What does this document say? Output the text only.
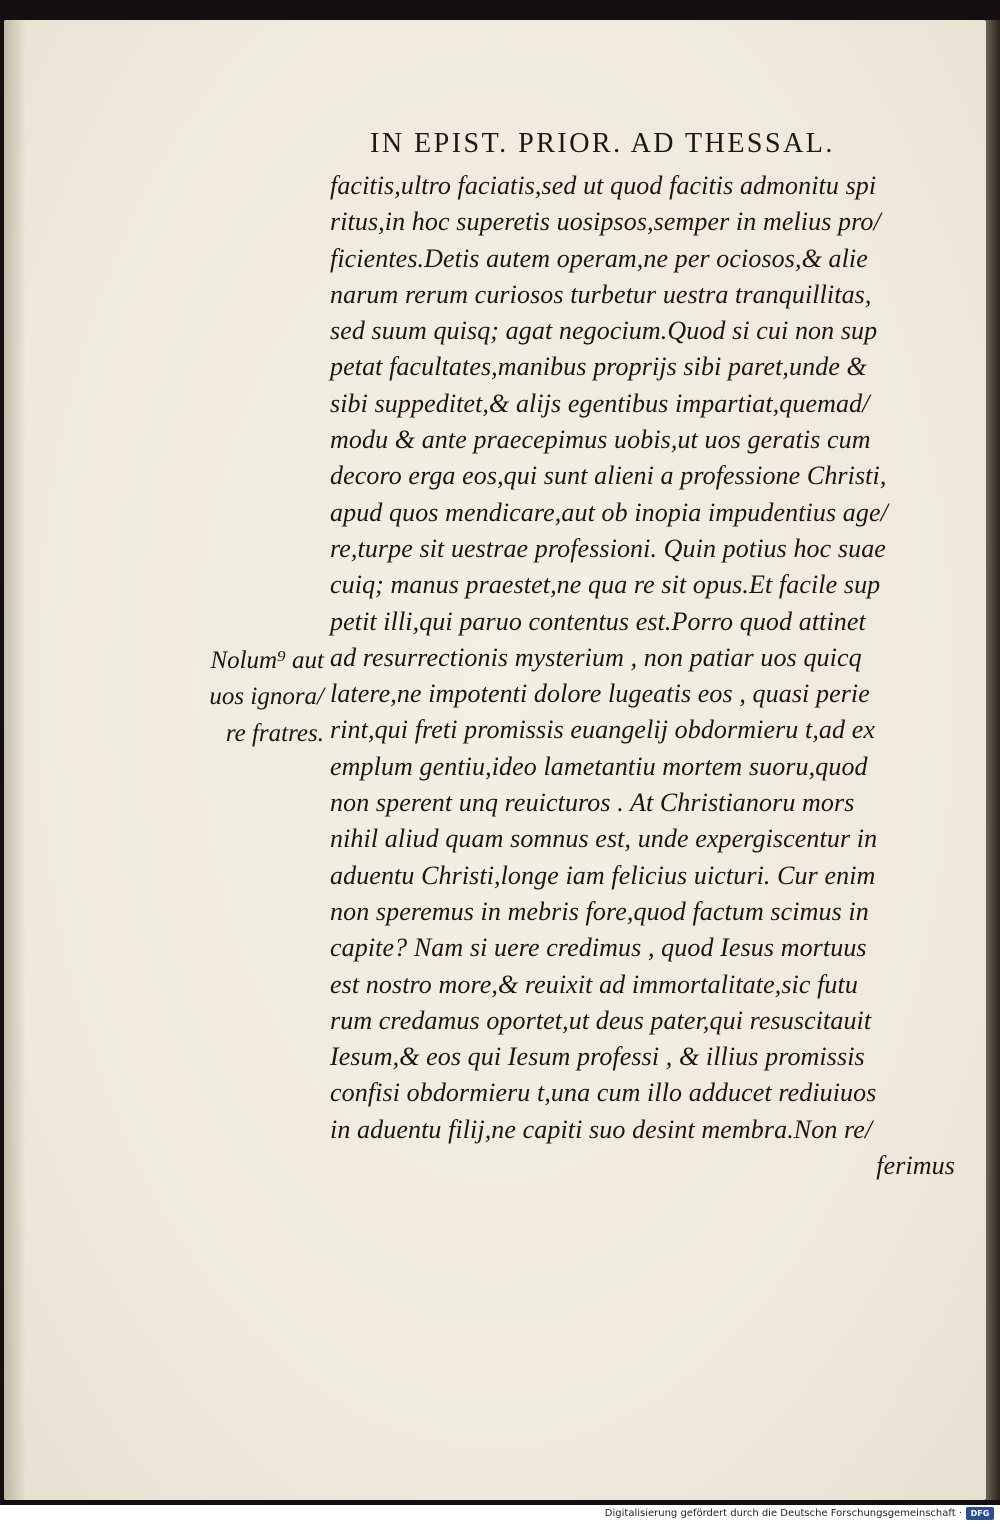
IN EPIST. PRIOR. AD THESSAL.
facitis,ultro faciatis,sed ut quod facitis admonitu spi
ritus,in hoc superetis uosipsos,semper in melius pro/
ficientes.Detis autem operam,ne per ociosos,& alie
narum rerum curiosos turbetur uestra tranquillitas,
sed suum quisq; agat negocium.Quod si cui non sup
petat facultates,manibus proprijs sibi paret,unde &
sibi suppeditet,& alijs egentibus impartiat,quemad/
modu & ante praecepimus uobis,ut uos geratis cum
decoro erga eos,qui sunt alieni a professione Christi,
apud quos mendicare,aut ob inopia impudentius age/
re,turpe sit uestrae professioni. Quin potius hoc suae
cuiq; manus praestet,ne qua re sit opus.Et facile sup
petit illi,qui paruo contentus est.Porro quod attinet
ad resurrectionis mysterium , non patiar uos quicq
latere,ne impotenti dolore lugeatis eos , quasi perie
rint,qui freti promissis euangelij obdormieru t,ad ex
emplum gentiu,ideo lametantiu mortem suoru,quod
non sperent unq reuicturos . At Christianoru mors
nihil aliud quam somnus est, unde expergiscentur in
aduentu Christi,longe iam felicius uicturi. Cur enim
non speremus in mebris fore,quod factum scimus in
capite? Nam si uere credimus , quod Iesus mortuus
est nostro more,& reuixit ad immortalitate,sic futu
rum credamus oportet,ut deus pater,qui resuscitauit
Iesum,& eos qui Iesum professi , & illius promissis
confisi obdormieru t,una cum illo adducet rediuiuos
in aduentu filij,ne capiti suo desint membra.Non re/
ferimus
Nolum⁹ aut
uos ignora/
re fratres.
Digitalisierung gefördert durch die Deutsche Forschungsgemeinschaft ·	DFG
